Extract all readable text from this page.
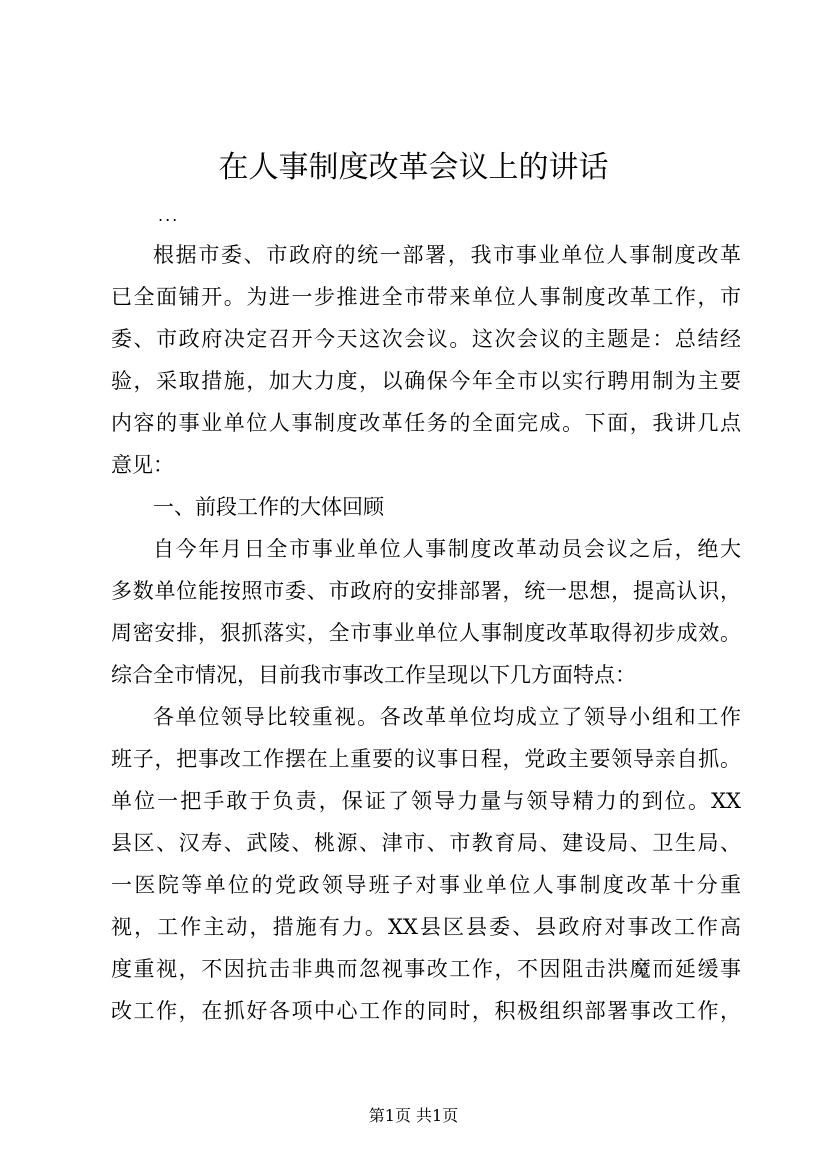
在人事制度改革会议上的讲话
...
根据市委、市政府的统一部署，我市事业单位人事制度改革
已全面铺开。为进一步推进全市带来单位人事制度改革工作，市
委、市政府决定召开今天这次会议。这次会议的主题是：总结经
验，采取措施，加大力度，以确保今年全市以实行聘用制为主要
内容的事业单位人事制度改革任务的全面完成。下面，我讲几点
意见：
一、前段工作的大体回顾
自今年月日全市事业单位人事制度改革动员会议之后，绝大
多数单位能按照市委、市政府的安排部署，统一思想，提高认识，
周密安排，狠抓落实，全市事业单位人事制度改革取得初步成效。
综合全市情况，目前我市事改工作呈现以下几方面特点：
各单位领导比较重视。各改革单位均成立了领导小组和工作
班子，把事改工作摆在上重要的议事日程，党政主要领导亲自抓。
单位一把手敢于负责，保证了领导力量与领导精力的到位。XX
县区、汉寿、武陵、桃源、津市、市教育局、建设局、卫生局、
一医院等单位的党政领导班子对事业单位人事制度改革十分重
视，工作主动，措施有力。XX县区县委、县政府对事改工作高
度重视，不因抗击非典而忽视事改工作，不因阻击洪魔而延缓事
改工作，在抓好各项中心工作的同时，积极组织部署事改工作，
第1页 共1页
